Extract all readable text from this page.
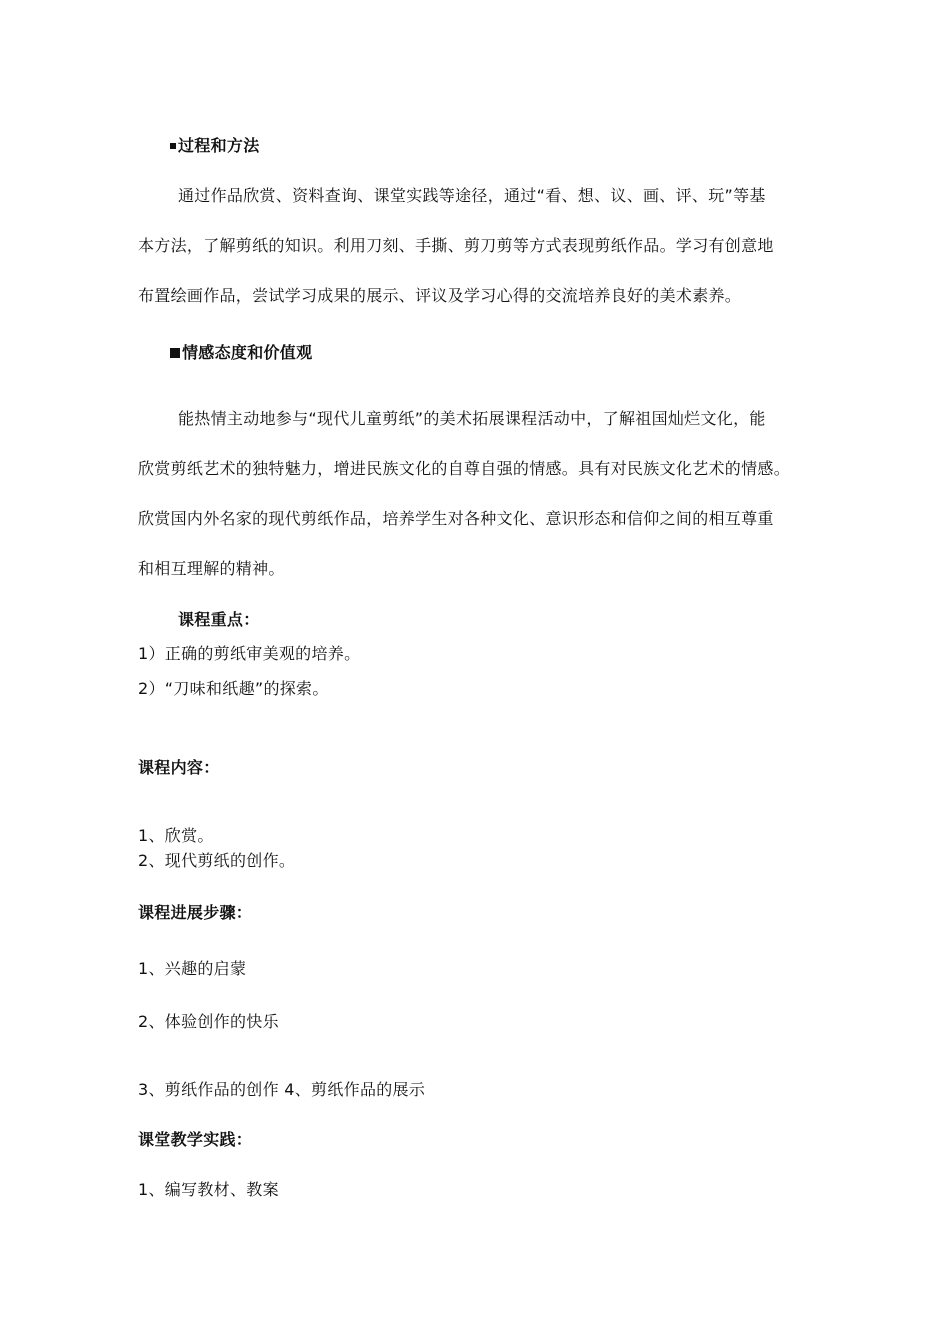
过程和方法
通过作品欣赏、资料查询、课堂实践等途径，通过“看、想、议、画、评、玩”等基
本方法，了解剪纸的知识。利用刀刻、手撕、剪刀剪等方式表现剪纸作品。学习有创意地
布置绘画作品，尝试学习成果的展示、评议及学习心得的交流培养良好的美术素养。
情感态度和价值观
能热情主动地参与“现代儿童剪纸”的美术拓展课程活动中，了解祖国灿烂文化，能
欣赏剪纸艺术的独特魅力，增进民族文化的自尊自强的情感。具有对民族文化艺术的情感。
欣赏国内外名家的现代剪纸作品，培养学生对各种文化、意识形态和信仰之间的相互尊重
和相互理解的精神。
课程重点：
1）正确的剪纸审美观的培养。
2）“刀味和纸趣”的探索。
课程内容：
1、欣赏。
2、现代剪纸的创作。
课程进展步骤：
1、兴趣的启蒙
2、体验创作的快乐
3、剪纸作品的创作 4、剪纸作品的展示
课堂教学实践：
1、编写教材、教案
